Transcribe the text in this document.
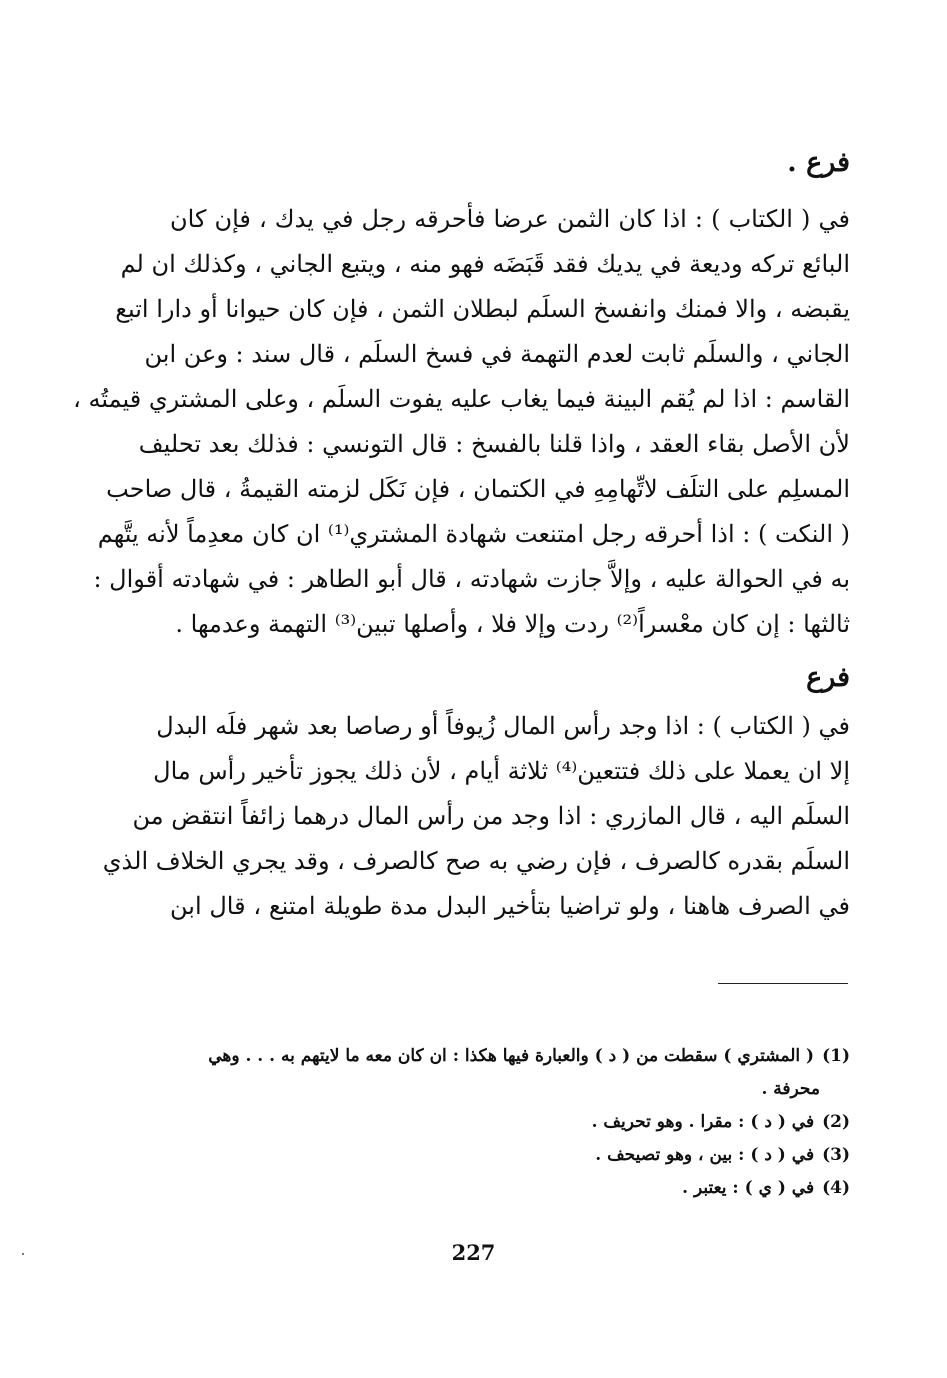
فرع .
في ( الكتاب ) : اذا كان الثمن عرضا فأحرقه رجل في يدك ، فإن كان
البائع تركه وديعة في يديك فقد قَبَضَه فهو منه ، ويتبع الجاني ، وكذلك ان لم
يقبضه ، والا فمنك وانفسخ السلَم لبطلان الثمن ، فإن كان حيوانا أو دارا اتبع
الجاني ، والسلَم ثابت لعدم التهمة في فسخ السلَم ، قال سند : وعن ابن
القاسم : اذا لم يُقم البينة فيما يغاب عليه يفوت السلَم ، وعلى المشتري قيمتُه ،
لأن الأصل بقاء العقد ، واذا قلنا بالفسخ : قال التونسي : فذلك بعد تحليف
المسلِم على التلَف لاتِّهامِهِ في الكتمان ، فإن نَكَل لزمته القيمةُ ، قال صاحب
( النكت ) : اذا أحرقه رجل امتنعت شهادة المشتري⁽¹⁾ ان كان معدِماً لأنه يتَّهم
به في الحوالة عليه ، وإلاَّ جازت شهادته ، قال أبو الطاهر : في شهادته أقوال :
ثالثها : إن كان معْسراً⁽²⁾ ردت وإلا فلا ، وأصلها تبين⁽³⁾ التهمة وعدمها .
فرع
في ( الكتاب ) : اذا وجد رأس المال زُيوفاً أو رصاصا بعد شهر فلَه البدل
إلا ان يعملا على ذلك فتتعين⁽⁴⁾ ثلاثة أيام ، لأن ذلك يجوز تأخير رأس مال
السلَم اليه ، قال المازري : اذا وجد من رأس المال درهما زائفاً انتقض من
السلَم بقدره كالصرف ، فإن رضي به صح كالصرف ، وقد يجري الخلاف الذي
في الصرف هاهنا ، ولو تراضيا بتأخير البدل مدة طويلة امتنع ، قال ابن
(1) ( المشتري ) سقطت من ( د ) والعبارة فيها هكذا : ان كان معه ما لايتهم به . . . وهي
محرفة .
(2) في ( د ) : مقرا . وهو تحريف .
(3) في ( د ) : بين ، وهو تصيحف .
(4) في ( ي ) : يعتبر .
227
